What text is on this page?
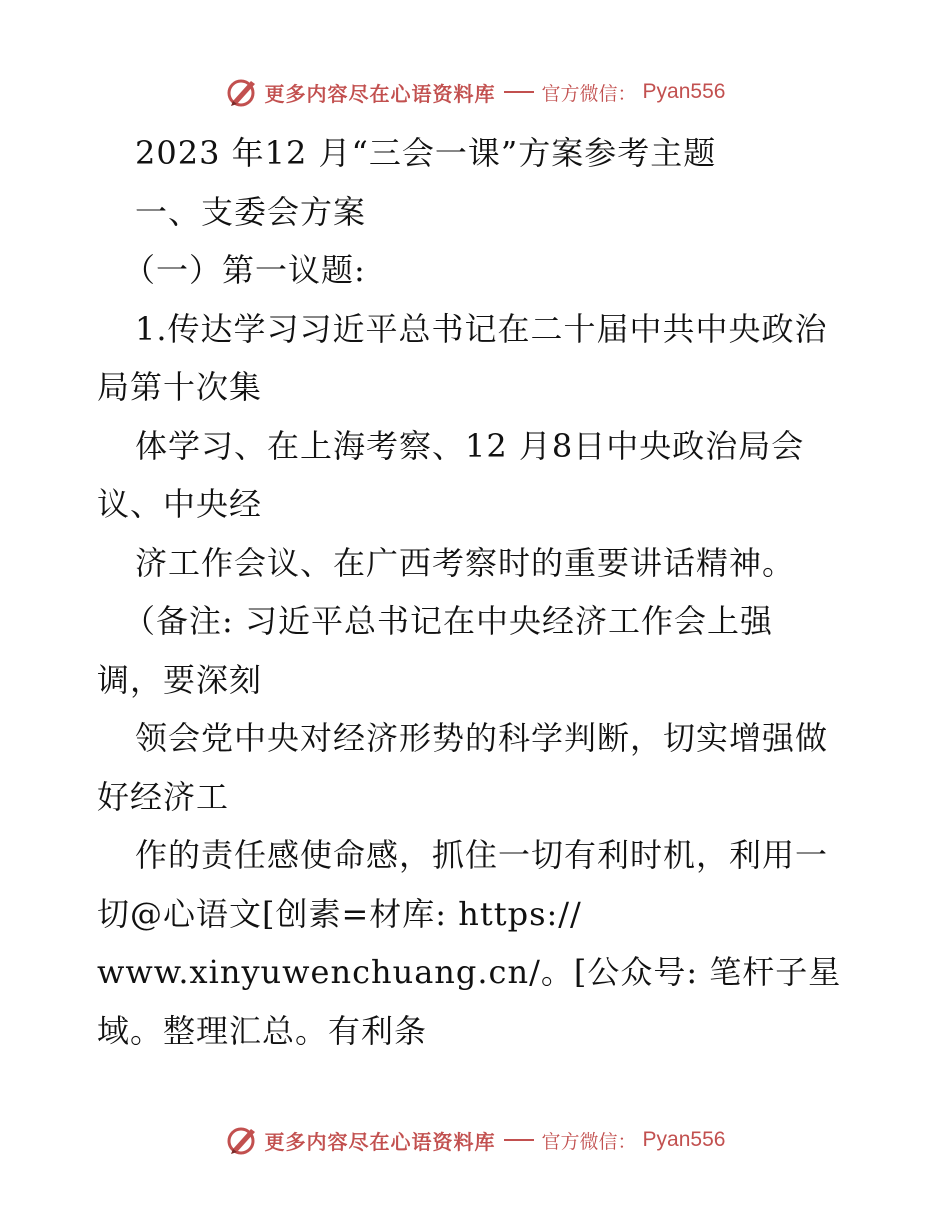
更多内容尽在心语资料库 官方微信： Pyan556
2023 年12 月“三会一课”方案参考主题
一、支委会方案
（一）第一议题:
1.传达学习习近平总书记在二十届中共中央政治
局第十次集
体学习、在上海考察、12 月8日中央政治局会
议、中央经
济工作会议、在广西考察时的重要讲话精神。
（备注: 习近平总书记在中央经济工作会上强
调，要深刻
领会党中央对经济形势的科学判断，切实增强做
好经济工
作的责任感使命感，抓住一切有利时机，利用一
切@心语文[创素=材库: https://
www.xinyuwenchuang.cn/。[公众号: 笔杆子星
域。整理汇总。有利条
更多内容尽在心语资料库 官方微信： Pyan556
